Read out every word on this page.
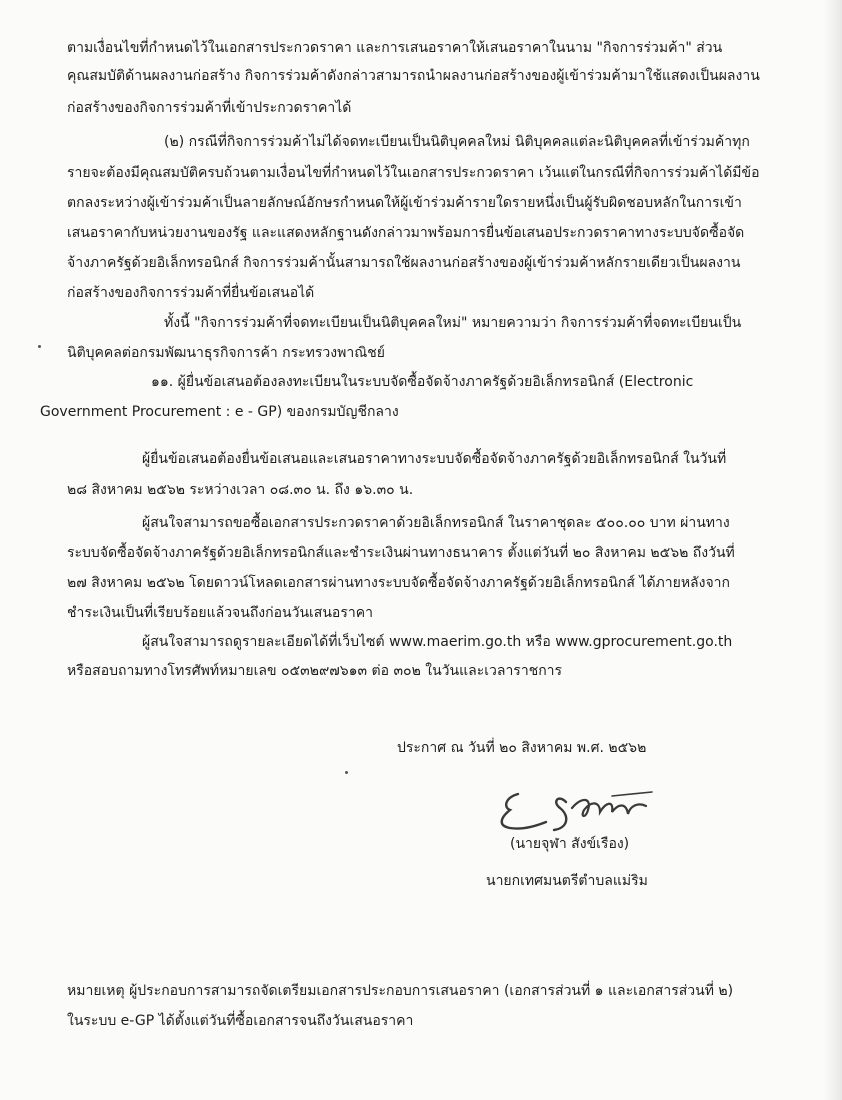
ตามเงื่อนไขที่กำหนดไว้ในเอกสารประกวดราคา และการเสนอราคาให้เสนอราคาในนาม "กิจการร่วมค้า" ส่วน

คุณสมบัติด้านผลงานก่อสร้าง กิจการร่วมค้าดังกล่าวสามารถนำผลงานก่อสร้างของผู้เข้าร่วมค้ามาใช้แสดงเป็นผลงาน

ก่อสร้างของกิจการร่วมค้าที่เข้าประกวดราคาได้

(๒) กรณีที่กิจการร่วมค้าไม่ได้จดทะเบียนเป็นนิติบุคคลใหม่ นิติบุคคลแต่ละนิติบุคคลที่เข้าร่วมค้าทุก

รายจะต้องมีคุณสมบัติครบถ้วนตามเงื่อนไขที่กำหนดไว้ในเอกสารประกวดราคา เว้นแต่ในกรณีที่กิจการร่วมค้าได้มีข้อ

ตกลงระหว่างผู้เข้าร่วมค้าเป็นลายลักษณ์อักษรกำหนดให้ผู้เข้าร่วมค้ารายใดรายหนึ่งเป็นผู้รับผิดชอบหลักในการเข้า

เสนอราคากับหน่วยงานของรัฐ และแสดงหลักฐานดังกล่าวมาพร้อมการยื่นข้อเสนอประกวดราคาทางระบบจัดซื้อจัด

จ้างภาครัฐด้วยอิเล็กทรอนิกส์ กิจการร่วมค้านั้นสามารถใช้ผลงานก่อสร้างของผู้เข้าร่วมค้าหลักรายเดียวเป็นผลงาน

ก่อสร้างของกิจการร่วมค้าที่ยื่นข้อเสนอได้

ทั้งนี้ "กิจการร่วมค้าที่จดทะเบียนเป็นนิติบุคคลใหม่" หมายความว่า กิจการร่วมค้าที่จดทะเบียนเป็น

นิติบุคคลต่อกรมพัฒนาธุรกิจการค้า กระทรวงพาณิชย์

๑๑. ผู้ยื่นข้อเสนอต้องลงทะเบียนในระบบจัดซื้อจัดจ้างภาครัฐด้วยอิเล็กทรอนิกส์ (Electronic

Government Procurement : e - GP) ของกรมบัญชีกลาง

ผู้ยื่นข้อเสนอต้องยื่นข้อเสนอและเสนอราคาทางระบบจัดซื้อจัดจ้างภาครัฐด้วยอิเล็กทรอนิกส์ ในวันที่

๒๘ สิงหาคม ๒๕๖๒ ระหว่างเวลา ๐๘.๓๐ น. ถึง ๑๖.๓๐ น.

ผู้สนใจสามารถขอซื้อเอกสารประกวดราคาด้วยอิเล็กทรอนิกส์ ในราคาชุดละ ๕๐๐.๐๐ บาท ผ่านทาง

ระบบจัดซื้อจัดจ้างภาครัฐด้วยอิเล็กทรอนิกส์และชำระเงินผ่านทางธนาคาร ตั้งแต่วันที่ ๒๐ สิงหาคม ๒๕๖๒ ถึงวันที่

๒๗ สิงหาคม ๒๕๖๒ โดยดาวน์โหลดเอกสารผ่านทางระบบจัดซื้อจัดจ้างภาครัฐด้วยอิเล็กทรอนิกส์ ได้ภายหลังจาก

ชำระเงินเป็นที่เรียบร้อยแล้วจนถึงก่อนวันเสนอราคา

ผู้สนใจสามารถดูรายละเอียดได้ที่เว็บไซต์ www.maerim.go.th หรือ www.gprocurement.go.th

หรือสอบถามทางโทรศัพท์หมายเลข ๐๕๓๒๙๗๖๑๓ ต่อ ๓๐๒ ในวันและเวลาราชการ

ประกาศ ณ วันที่ ๒๐ สิงหาคม พ.ศ. ๒๕๖๒

(นายจุฬา สังข์เรือง)

นายกเทศมนตรีตำบลแม่ริม

หมายเหตุ ผู้ประกอบการสามารถจัดเตรียมเอกสารประกอบการเสนอราคา (เอกสารส่วนที่ ๑ และเอกสารส่วนที่ ๒)

ในระบบ e-GP ได้ตั้งแต่วันที่ซื้อเอกสารจนถึงวันเสนอราคา
